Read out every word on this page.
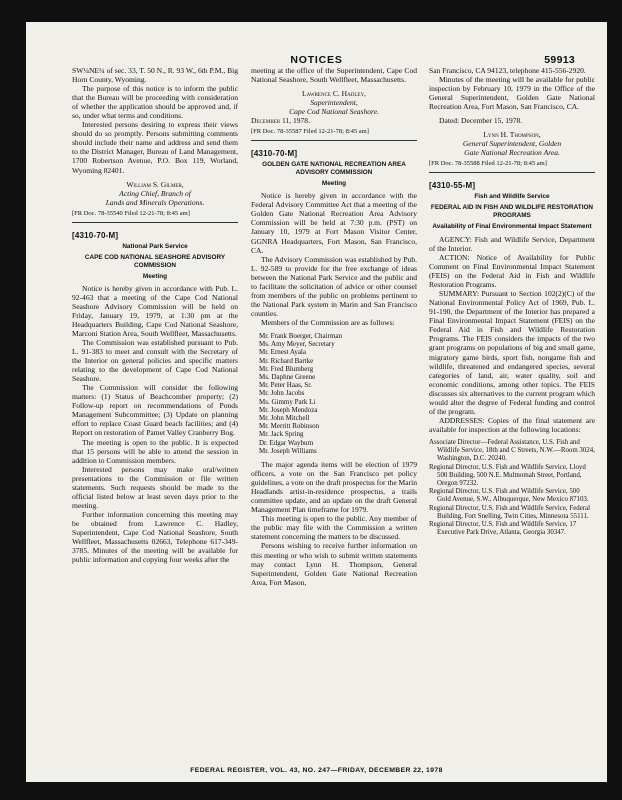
NOTICES	59913

SW¼NE¼ of sec. 33, T. 50 N., R. 93 W., 6th P.M., Big Horn County, Wyoming.

The purpose of this notice is to inform the public that the Bureau will be proceeding with consideration of whether the application should be approved and, if so, under what terms and conditions.

Interested persons desiring to express their views should do so promptly. Persons submitting comments should include their name and address and send them to the District Manager, Bureau of Land Management, 1700 Robertson Avenue, P.O. Box 119, Worland, Wyoming 82401.

William S. Gilmer,
Acting Chief, Branch of
Lands and Minerals Operations.
[FR Doc. 78-35540 Filed 12-21-78; 8:45 am]
[4310-70-M]
National Park Service
CAPE COD NATIONAL SEASHORE ADVISORY COMMISSION
Meeting

Notice is hereby given in accordance with Pub. L. 92-463 that a meeting of the Cape Cod National Seashore Advisory Commission will be held on Friday, January 19, 1979, at 1:30 pm at the Headquarters Building, Cape Cod National Seashore, Marconi Station Area, South Wellfleet, Massachusetts.

The Commission was established pursuant to Pub. L. 91-383 to meet and consult with the Secretary of the Interior on general policies and specific matters relating to the development of Cape Cod National Seashore.

The Commission will consider the following matters: (1) Status of Beachcomber property; (2) Follow-up report on recommendations of Ponds Management Subcommittee; (3) Update on planning effort to replace Coast Guard beach facilities; and (4) Report on restoration of Pamet Valley Cranberry Bog.

The meeting is open to the public. It is expected that 15 persons will be able to attend the session in addition to Commission members.

Interested persons may make oral/written presentations to the Commission or file written statements. Such requests should be made to the official listed below at least seven days prior to the meeting.

Further information concerning this meeting may be obtained from Lawrence C. Hadley, Superintendent, Cape Cod National Seashore, South Wellfleet, Massachusetts 02663, Telephone 617-349-3785. Minutes of the meeting will be available for public information and copying four weeks after the

meeting at the office of the Superintendent, Cape Cod National Seashore, South Wellfleet, Massachusetts.

Lawrence C. Hadley,
Superintendent,
Cape Cod National Seashore.
December 11, 1978.
[FR Doc. 78-35587 Filed 12-21-78; 8:45 am]
[4310-70-M]
GOLDEN GATE NATIONAL RECREATION AREA ADVISORY COMMISSION
Meeting

Notice is hereby given in accordance with the Federal Advisory Committee Act that a meeting of the Golden Gate National Recreation Area Advisory Commission will be held at 7:30 p.m. (PST) on January 10, 1979 at Fort Mason Visitor Center, GGNRA Headquarters, Fort Mason, San Francisco, CA.

The Advisory Commission was established by Pub. L. 92-589 to provide for the free exchange of ideas between the National Park Service and the public and to facilitate the solicitation of advice or other counsel from members of the public on problems pertinent to the National Park system in Marin and San Francisco counties.

Members of the Commission are as follows:

Mr. Frank Boerger, Chairman
Ms. Amy Meyer, Secretary
Mr. Ernest Ayala
Mr. Richard Bartke
Mr. Fred Blumberg
Ms. Daphne Greene
Mr. Peter Haas, Sr.
Mr. John Jacobs
Ms. Gimmy Park Li
Mr. Joseph Mendoza
Mr. John Mitchell
Mr. Merritt Robinson
Mr. Jack Spring
Dr. Edgar Wayburn
Mr. Joseph Williams

The major agenda items will be election of 1979 officers, a vote on the San Francisco pet policy guidelines, a vote on the draft prospectus for the Marin Headlands artist-in-residence prospectus, a trails committee update, and an update on the draft General Management Plan timeframe for 1979.

This meeting is open to the public. Any member of the public may file with the Commission a written statement concerning the matters to be discussed.

Persons wishing to receive further information on this meeting or who wish to submit written statements may contact Lynn H. Thompson, General Superintendent, Golden Gate National Recreation Area, Fort Mason,

San Francisco, CA 94123, telephone 415-556-2920.

Minutes of the meeting will be available for public inspection by February 10, 1979 in the Office of the General Superintendent, Golden Gate National Recreation Area, Fort Mason, San Francisco, CA.

Dated: December 15, 1978.

Lynn H. Thompson,
General Superintendent, Golden
Gate National Recreation Area.
[FR Doc. 78-35588 Filed 12-21-78; 8:45 am]
[4310-55-M]
Fish and Wildlife Service
FEDERAL AID IN FISH AND WILDLIFE RESTORATION PROGRAMS
Availability of Final Environmental Impact Statement

AGENCY: Fish and Wildlife Service, Department of the Interior.

ACTION: Notice of Availability for Public Comment on Final Environmental Impact Statement (FEIS) on the Federal Aid in Fish and Wildlife Restoration Programs.

SUMMARY: Pursuant to Section 102(2)(C) of the National Environmental Policy Act of 1969, Pub. L. 91-190, the Department of the Interior has prepared a Final Environmental Impact Statement (FEIS) on the Federal Aid in Fish and Wildlife Restoration Programs. The FEIS considers the impacts of the two grant programs on populations of big and small game, migratory game birds, sport fish, nongame fish and wildlife, threatened and endangered species, several categories of land, air, water quality, soil and economic conditions, among other topics. The FEIS discusses six alternatives to the current program which would alter the degree of Federal funding and control of the program.

ADDRESSES: Copies of the final statement are available for inspection at the following locations:

Associate Director—Federal Assistance, U.S. Fish and Wildlife Service, 18th and C Streets, N.W.—Room 3024, Washington, D.C. 20240.
Regional Director, U.S. Fish and Wildlife Service, Lloyd 500 Building, 500 N.E. Multnomah Street, Portland, Oregon 97232.
Regional Director, U.S. Fish and Wildlife Service, 500 Gold Avenue, S.W., Albuquerque, New Mexico 87103.
Regional Director, U.S. Fish and Wildlife Service, Federal Building, Fort Snelling, Twin Cities, Minnesota 55111.
Regional Director, U.S. Fish and Wildlife Service, 17 Executive Park Drive, Atlanta, Georgia 30347.
FEDERAL REGISTER, VOL. 43, NO. 247—FRIDAY, DECEMBER 22, 1978
